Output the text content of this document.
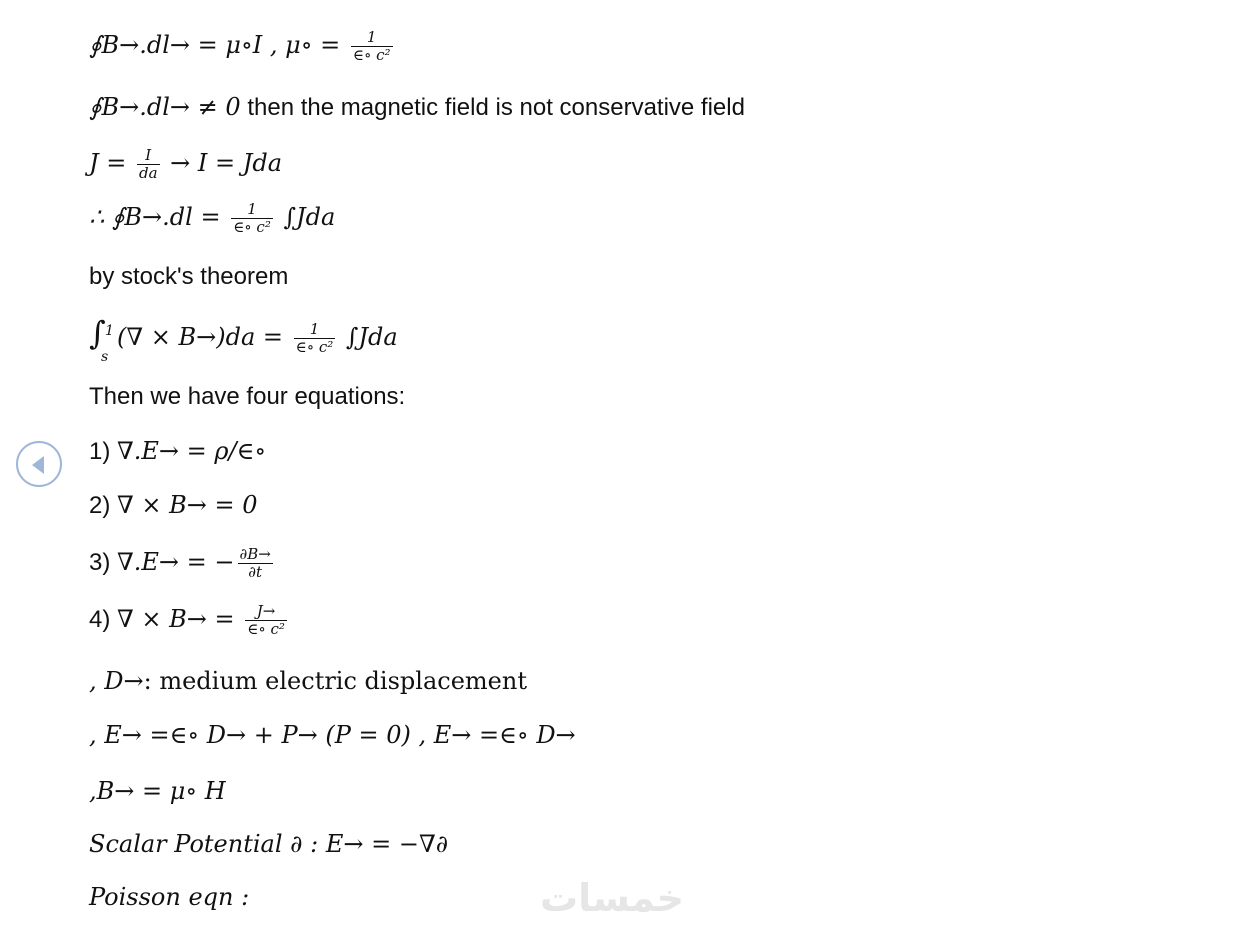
∮B→.dl→ = μ∘I , μ∘ = $\frac{1}{\text{∈∘ c²}}$
∮B→.dl→ ≠ 0 then the magnetic field is not conservative field
$J = \frac{I}{da} \to I$ = Jda
∴ ∮B→.dl = $\frac{1}{\text{∈∘ c²}} \int Jda$
by stock's theorem
∫ 1
s
(∇ × $B\to)da = \frac{1}{\text{∈∘ c²}} \int Jda$
Then we have four equations:
1) ∇.E→ = ρ/∈∘
2) ∇ × B→ = 0
3) ∇.E→ = − $\frac{\partial B\to}{\partial t}$
4) ∇ × $B\to = \frac{J\to}{\text{∈∘ c²}}$
, D→: medium electric displacement
, E→ =∈∘ D→ + P→ (P = 0) , E→ =∈∘ D→
,B→ = μ∘ H
Scalar Potential ∂ : E→ = −∇∂
Poisson eqn :	خمسات
